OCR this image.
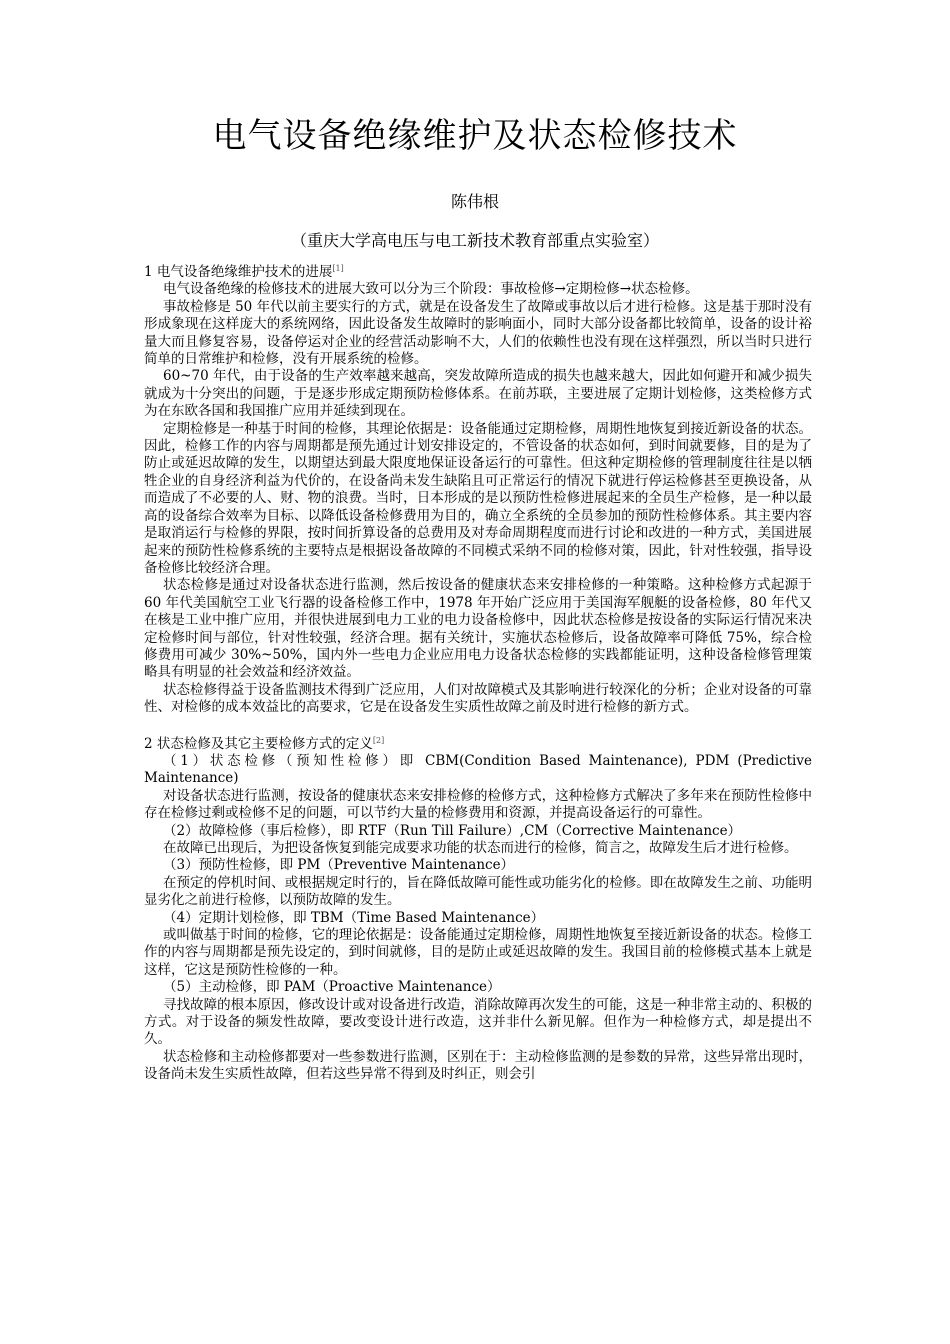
电气设备绝缘维护及状态检修技术
陈伟根
（重庆大学高电压与电工新技术教育部重点实验室）

1 电气设备绝缘维护技术的进展[1]

电气设备绝缘的检修技术的进展大致可以分为三个阶段：事故检修→定期检修→状态检修。

事故检修是 50 年代以前主要实行的方式，就是在设备发生了故障或事故以后才进行检修。这是基于那时没有形成象现在这样庞大的系统网络，因此设备发生故障时的影响面小，同时大部分设备都比较简单，设备的设计裕量大而且修复容易，设备停运对企业的经营活动影响不大，人们的依赖性也没有现在这样强烈，所以当时只进行简单的日常维护和检修，没有开展系统的检修。

60~70 年代，由于设备的生产效率越来越高，突发故障所造成的损失也越来越大，因此如何避开和减少损失就成为十分突出的问题，于是逐步形成定期预防检修体系。在前苏联，主要进展了定期计划检修，这类检修方式为在东欧各国和我国推广应用并延续到现在。

定期检修是一种基于时间的检修，其理论依据是：设备能通过定期检修，周期性地恢复到接近新设备的状态。因此，检修工作的内容与周期都是预先通过计划安排设定的，不管设备的状态如何，到时间就要修，目的是为了防止或延迟故障的发生，以期望达到最大限度地保证设备运行的可靠性。但这种定期检修的管理制度往往是以牺牲企业的自身经济利益为代价的，在设备尚未发生缺陷且可正常运行的情况下就进行停运检修甚至更换设备，从而造成了不必要的人、财、物的浪费。当时，日本形成的是以预防性检修进展起来的全员生产检修，是一种以最高的设备综合效率为目标、以降低设备检修费用为目的，确立全系统的全员参加的预防性检修体系。其主要内容是取消运行与检修的界限，按时间折算设备的总费用及对寿命周期程度而进行讨论和改进的一种方式，美国进展起来的预防性检修系统的主要特点是根据设备故障的不同模式采纳不同的检修对策，因此，针对性较强，指导设备检修比较经济合理。

状态检修是通过对设备状态进行监测，然后按设备的健康状态来安排检修的一种策略。这种检修方式起源于 60 年代美国航空工业飞行器的设备检修工作中，1978 年开始广泛应用于美国海军舰艇的设备检修，80 年代又在核是工业中推广应用，并很快进展到电力工业的电力设备检修中，因此状态检修是按设备的实际运行情况来决定检修时间与部位，针对性较强，经济合理。据有关统计，实施状态检修后，设备故障率可降低 75%，综合检修费用可减少 30%~50%，国内外一些电力企业应用电力设备状态检修的实践都能证明，这种设备检修管理策略具有明显的社会效益和经济效益。

状态检修得益于设备监测技术得到广泛应用，人们对故障模式及其影响进行较深化的分析；企业对设备的可靠性、对检修的成本效益比的高要求，它是在设备发生实质性故障之前及时进行检修的新方式。

2 状态检修及其它主要检修方式的定义[2]

（1）状态检修（预知性检修）即 CBM(Condition Based Maintenance), PDM (Predictive Maintenance)

对设备状态进行监测，按设备的健康状态来安排检修的检修方式，这种检修方式解决了多年来在预防性检修中存在检修过剩或检修不足的问题，可以节约大量的检修费用和资源，并提高设备运行的可靠性。

（2）故障检修（事后检修），即 RTF（Run Till Failure）,CM（Corrective Maintenance）

在故障已出现后，为把设备恢复到能完成要求功能的状态而进行的检修，简言之，故障发生后才进行检修。

（3）预防性检修，即 PM（Preventive Maintenance）

在预定的停机时间、或根据规定时行的，旨在降低故障可能性或功能劣化的检修。即在故障发生之前、功能明显劣化之前进行检修，以预防故障的发生。

（4）定期计划检修，即 TBM（Time Based Maintenance）

或叫做基于时间的检修，它的理论依据是：设备能通过定期检修，周期性地恢复至接近新设备的状态。检修工作的内容与周期都是预先设定的，到时间就修，目的是防止或延迟故障的发生。我国目前的检修模式基本上就是这样，它这是预防性检修的一种。

（5）主动检修，即 PAM（Proactive Maintenance）

寻找故障的根本原因，修改设计或对设备进行改造，消除故障再次发生的可能，这是一种非常主动的、积极的方式。对于设备的频发性故障，要改变设计进行改造，这并非什么新见解。但作为一种检修方式，却是提出不久。

状态检修和主动检修都要对一些参数进行监测，区别在于：主动检修监测的是参数的异常，这些异常出现时，设备尚未发生实质性故障，但若这些异常不得到及时纠正，则会引
